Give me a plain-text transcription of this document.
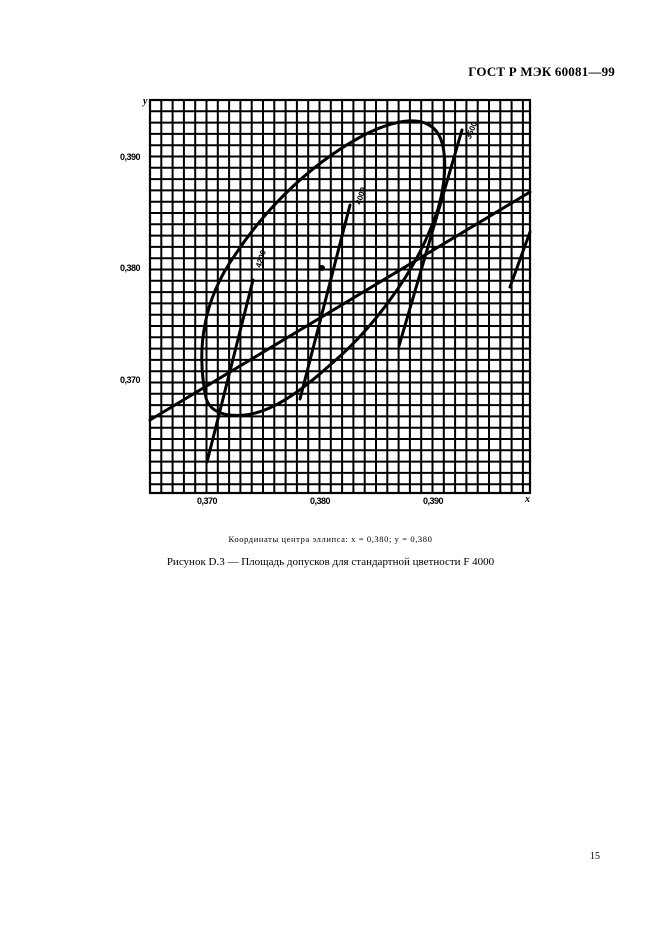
ГОСТ Р МЭК 60081—99
y
0,390
0,380
0,370
0,370	0,380	0,390	x
3500
4000
4200
Координаты центра эллипса: x = 0,380; y = 0,380
Рисунок D.3 — Площадь допусков для стандартной цветности F 4000
15
